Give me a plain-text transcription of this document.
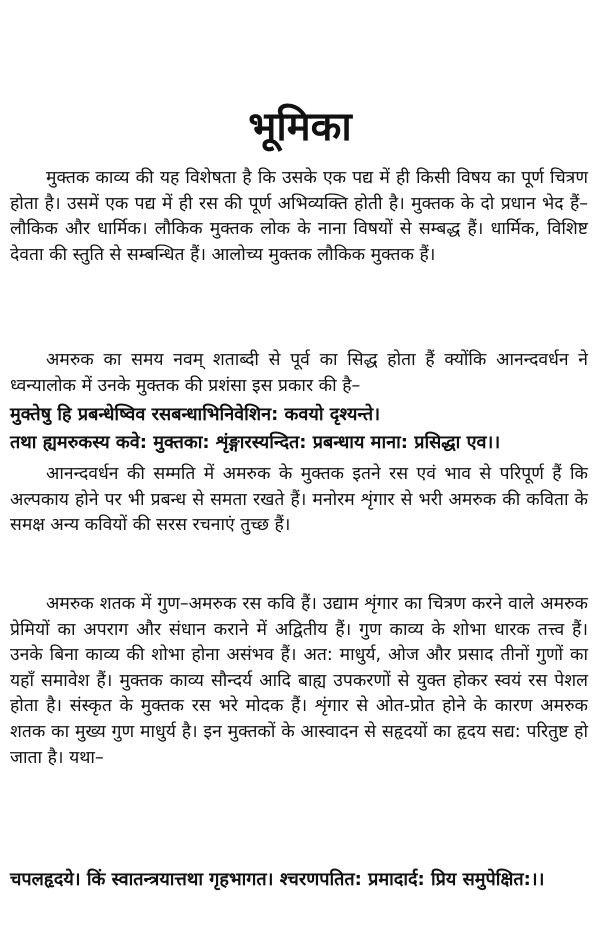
भूमिका

मुक्तक काव्य की यह विशेषता है कि उसके एक पद्य में ही किसी विषय का पूर्ण चित्रण होता है। उसमें एक पद्य में ही रस की पूर्ण अभिव्यक्ति होती है। मुक्तक के दो प्रधान भेद हैं–लौकिक और धार्मिक। लौकिक मुक्तक लोक के नाना विषयों से सम्बद्ध हैं। धार्मिक, विशिष्ट देवता की स्तुति से सम्बन्धित हैं। आलोच्य मुक्तक लौकिक मुक्तक हैं।

अमरुक का समय नवम् शताब्दी से पूर्व का सिद्ध होता हैं क्योंकि आनन्दवर्धन ने ध्वन्यालोक में उनके मुक्तक की प्रशंसा इस प्रकार की है–

मुक्तेषु हि प्रबन्धेष्विव रसबन्धाभिनिवेशिन: कवयो दृश्यन्ते।
तथा ह्यमरुकस्य कवे: मुक्तका: शृंङ्गारस्यन्दित: प्रबन्धाय माना: प्रसिद्धा एव।।

आनन्दवर्धन की सम्मति में अमरुक के मुक्तक इतने रस एवं भाव से परिपूर्ण हैं कि अल्पकाय होने पर भी प्रबन्ध से समता रखते हैं। मनोरम शृंगार से भरी अमरुक की कविता के समक्ष अन्य कवियों की सरस रचनाएं तुच्छ हैं।

अमरुक शतक में गुण–अमरुक रस कवि हैं। उद्याम शृंगार का चित्रण करने वाले अमरुक प्रेमियों का अपराग और संधान कराने में अद्वितीय हैं। गुण काव्य के शोभा धारक तत्त्व हैं। उनके बिना काव्य की शोभा होना असंभव हैं। अत: माधुर्य, ओज और प्रसाद तीनों गुणों का यहाँ समावेश हैं। मुक्तक काव्य सौन्दर्य आदि बाह्य उपकरणों से युक्त होकर स्वयं रस पेशल होता है। संस्कृत के मुक्तक रस भरे मोदक हैं। शृंगार से ओत-प्रोत होने के कारण अमरुक शतक का मुख्य गुण माधुर्य है। इन मुक्तकों के आस्वादन से सहृदयों का हृदय सद्य: परितुष्ट हो जाता है। यथा–

चपलहृदये। किं स्वातन्त्रयात्तथा गृहभागत। श्चरणपतित: प्रमादार्द: प्रिय समुपेक्षित:।।
